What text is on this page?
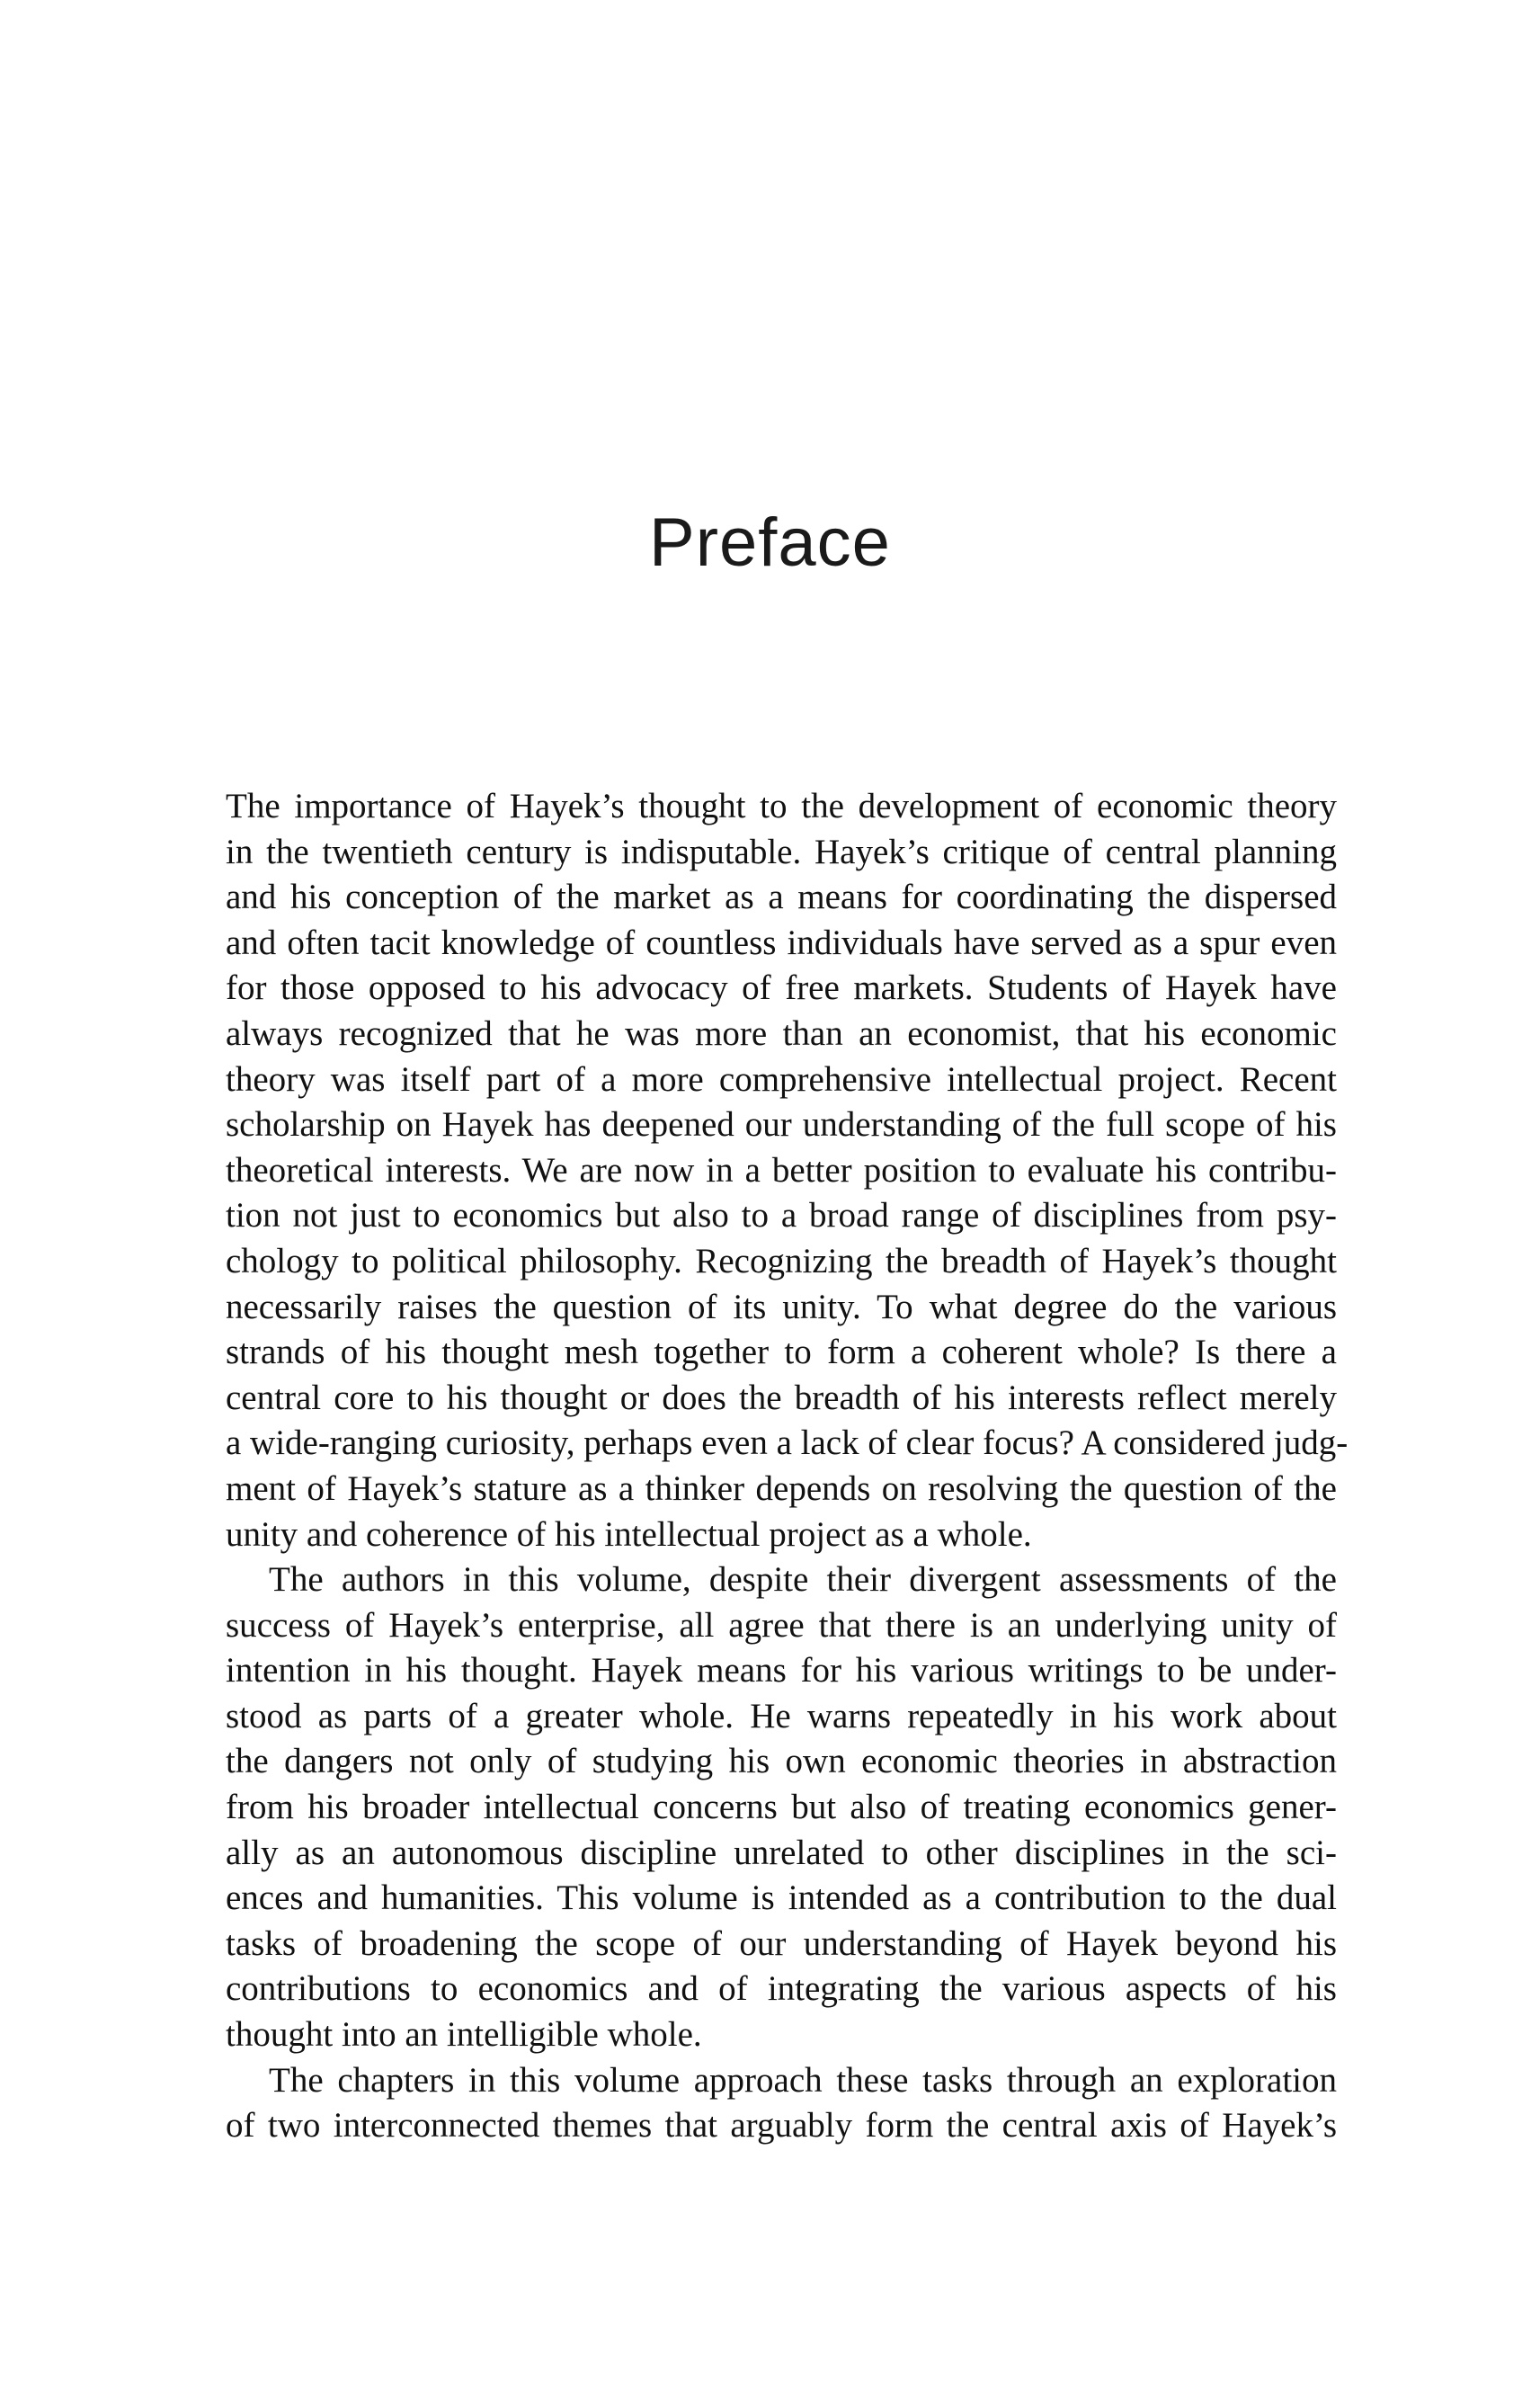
Preface
The importance of Hayek’s thought to the development of economic theory
in the twentieth century is indisputable. Hayek’s critique of central planning
and his conception of the market as a means for coordinating the dispersed
and often tacit knowledge of countless individuals have served as a spur even
for those opposed to his advocacy of free markets. Students of Hayek have
always recognized that he was more than an economist, that his economic
theory was itself part of a more comprehensive intellectual project. Recent
scholarship on Hayek has deepened our understanding of the full scope of his
theoretical interests. We are now in a better position to evaluate his contribu-
tion not just to economics but also to a broad range of disciplines from psy-
chology to political philosophy. Recognizing the breadth of Hayek’s thought
necessarily raises the question of its unity. To what degree do the various
strands of his thought mesh together to form a coherent whole? Is there a
central core to his thought or does the breadth of his interests reflect merely
a wide-ranging curiosity, perhaps even a lack of clear focus? A considered judg-
ment of Hayek’s stature as a thinker depends on resolving the question of the
unity and coherence of his intellectual project as a whole.
The authors in this volume, despite their divergent assessments of the
success of Hayek’s enterprise, all agree that there is an underlying unity of
intention in his thought. Hayek means for his various writings to be under-
stood as parts of a greater whole. He warns repeatedly in his work about
the dangers not only of studying his own economic theories in abstraction
from his broader intellectual concerns but also of treating economics gener-
ally as an autonomous discipline unrelated to other disciplines in the sci-
ences and humanities. This volume is intended as a contribution to the dual
tasks of broadening the scope of our understanding of Hayek beyond his
contributions to economics and of integrating the various aspects of his
thought into an intelligible whole.
The chapters in this volume approach these tasks through an exploration
of two interconnected themes that arguably form the central axis of Hayek’s
